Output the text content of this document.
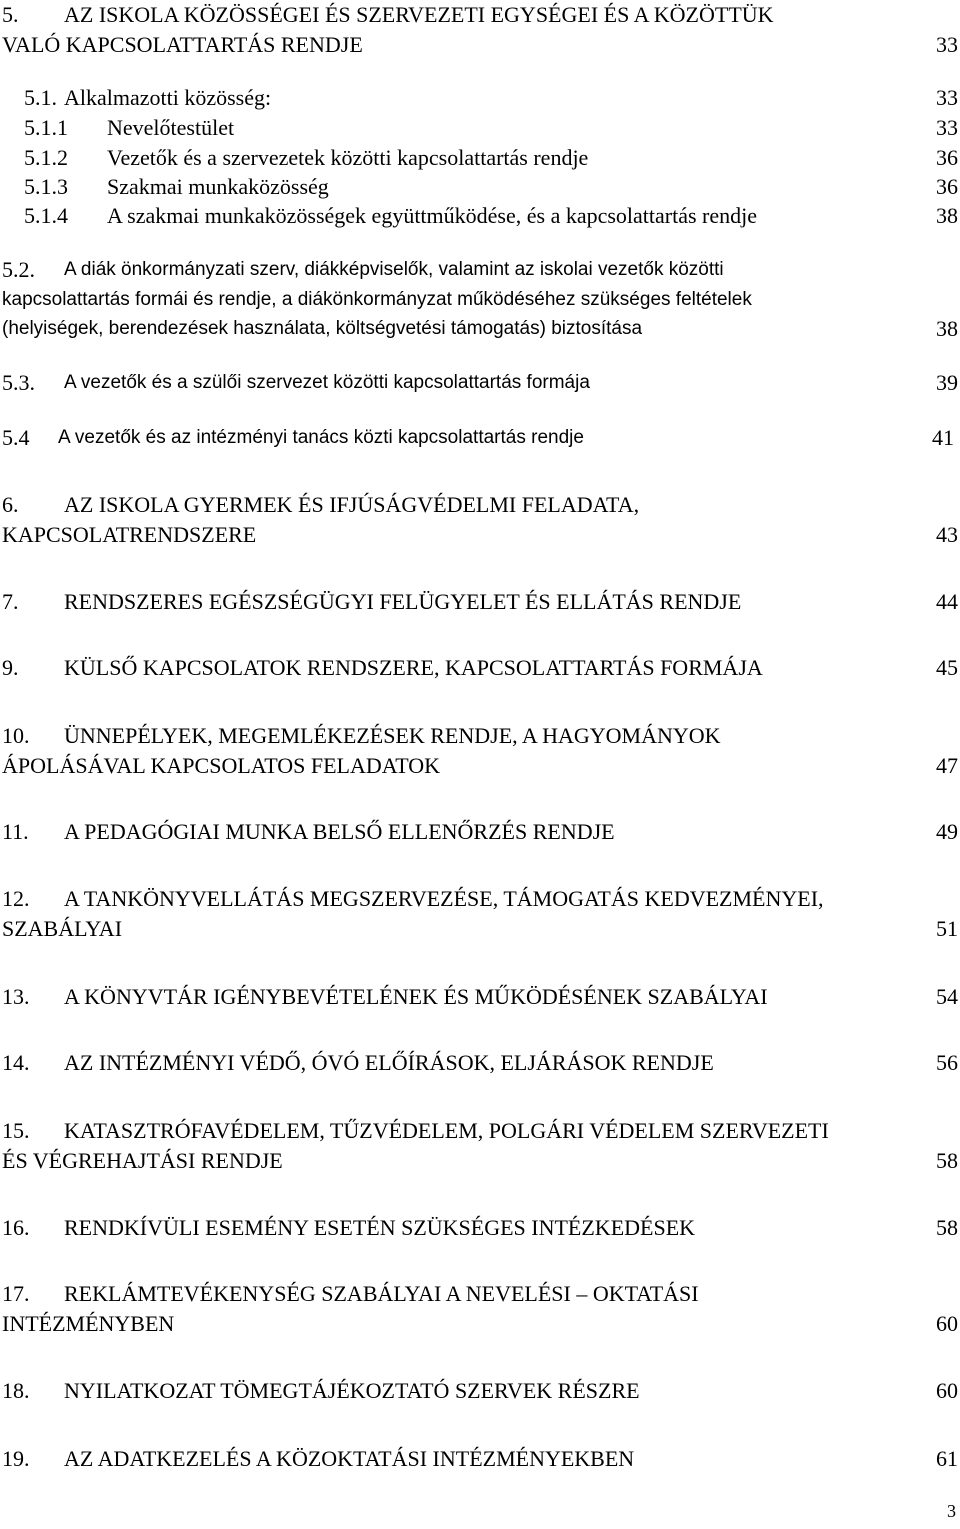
5. AZ ISKOLA KÖZÖSSÉGEI ÉS SZERVEZETI EGYSÉGEI ÉS A KÖZÖTTÜK
VALÓ KAPCSOLATTARTÁS RENDJE	33
5.1. Alkalmazotti közösség:	33
5.1.1 Nevelőtestület	33
5.1.2 Vezetők és a szervezetek közötti kapcsolattartás rendje	36
5.1.3 Szakmai munkaközösség	36
5.1.4 A szakmai munkaközösségek együttműködése, és a kapcsolattartás rendje	38
5.2. A diák önkormányzati szerv, diákképviselők, valamint az iskolai vezetők közötti
kapcsolattartás formái és rendje, a diákönkormányzat működéséhez szükséges feltételek
(helyiségek, berendezések használata, költségvetési támogatás) biztosítása	38
5.3. A vezetők és a szülői szervezet közötti kapcsolattartás formája	39
5.4 A vezetők és az intézményi tanács közti kapcsolattartás rendje	41
6. AZ ISKOLA GYERMEK ÉS IFJÚSÁGVÉDELMI FELADATA,
KAPCSOLATRENDSZERE	43
7. RENDSZERES EGÉSZSÉGÜGYI FELÜGYELET ÉS ELLÁTÁS RENDJE	44
9. KÜLSŐ KAPCSOLATOK RENDSZERE, KAPCSOLATTARTÁS FORMÁJA	45
10. ÜNNEPÉLYEK, MEGEMLÉKEZÉSEK RENDJE, A HAGYOMÁNYOK
ÁPOLÁSÁVAL KAPCSOLATOS FELADATOK	47
11. A PEDAGÓGIAI MUNKA BELSŐ ELLENŐRZÉS RENDJE	49
12. A TANKÖNYVELLÁTÁS MEGSZERVEZÉSE, TÁMOGATÁS KEDVEZMÉNYEI,
SZABÁLYAI	51
13. A KÖNYVTÁR IGÉNYBEVÉTELÉNEK ÉS MŰKÖDÉSÉNEK SZABÁLYAI	54
14. AZ INTÉZMÉNYI VÉDŐ, ÓVÓ ELŐÍRÁSOK, ELJÁRÁSOK RENDJE	56
15. KATASZTRÓFAVÉDELEM, TŰZVÉDELEM, POLGÁRI VÉDELEM SZERVEZETI
ÉS VÉGREHAJTÁSI RENDJE	58
16. RENDKÍVÜLI ESEMÉNY ESETÉN SZÜKSÉGES INTÉZKEDÉSEK	58
17. REKLÁMTEVÉKENYSÉG SZABÁLYAI A NEVELÉSI – OKTATÁSI
INTÉZMÉNYBEN	60
18. NYILATKOZAT TÖMEGTÁJÉKOZTATÓ SZERVEK RÉSZRE	60
19. AZ ADATKEZELÉS A KÖZOKTATÁSI INTÉZMÉNYEKBEN	61
3
